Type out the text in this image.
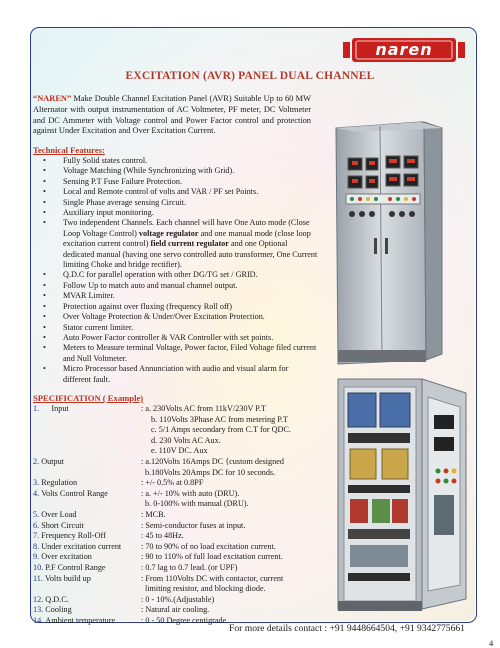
naren
EXCITATION (AVR) PANEL DUAL CHANNEL
“NAREN” Make Double Channel Excitation Panel (AVR) Suitable Up to 60 MW Alternator with output instrumentation of AC Voltmeter, PF meter, DC Voltmeter and DC Ammeter with Voltage control and Power Factor control and protection against Under Excitation and Over Excitation Current.
Technical Features:
• Fully Solid states control.
• Voltage Matching (While Synchronizing with Grid).
• Sensing P.T Fuse Failure Protection.
• Local and Remote control of volts and VAR / PF set Points.
• Single Phase average sensing Circuit.
• Auxiliary input monitoring.
• Two independent Channels. Each channel will have One Auto mode (Close Loop Voltage Control) voltage regulator and one manual mode (close loop excitation current control) field current regulator and one Optional dedicated manual (having one servo controlled auto transformer, One Current limiting Choke and bridge rectifier).
• Q.D.C for parallel operation with other DG/TG set / GRID.
• Follow Up to match auto and manual channel output.
• MVAR Limiter.
• Protection against over fluxing (frequency Roll off)
• Over Voltage Protection & Under/Over Excitation Protection.
• Stator current limiter.
• Auto Power Factor controller & VAR Controller with set points.
• Meters to Measure terminal Voltage, Power factor, Filed Voltage filed current and Null Voltmeter.
• Micro Processor based Annunciation with audio and visual alarm for different fault.
SPECIFICATION ( Example)
1. Input	: a. 230Volts AC from 11kV/230V P.T
b. 110Volts 3Phase AC from metering P.T
c. 5/1 Amps secondary from C.T for QDC.
d. 230 Volts AC Aux.
e. 110V DC. Aux
2. Output	: a.120Volts 16Amps DC {custom designed
b.180Volts 20Amps DC for 10 seconds.
3. Regulation	: +/- 0.5% at 0.8PF
4. Volts Control Range	: a. +/- 10% with auto (DRU).
b. 0-100% with manual (DRU).
5. Over Load	: MCB.
6. Short Circuit	: Semi-conductor fuses at input.
7. Frequency Roll-Off	: 45 to 48Hz.
8. Under excitation current : 70 to 90% of no load excitation current.
9. Over excitation	: 90 to 110% of full load excitation current.
10. P.F Control Range	: 0.7 lag to 0.7 lead. (or UPF)
11. Volts build up	: From 110Volts DC with contactor, current
limiting resistor, and blocking diode.
12. Q.D.C.	: 0 - 10%.(Adjustable)
13. Cooling	: Natural air cooling.
14. Ambient temperature	: 0 - 50 Degree centigrade.
For more details contact : +91 9448664504, +91 9342775661
4
